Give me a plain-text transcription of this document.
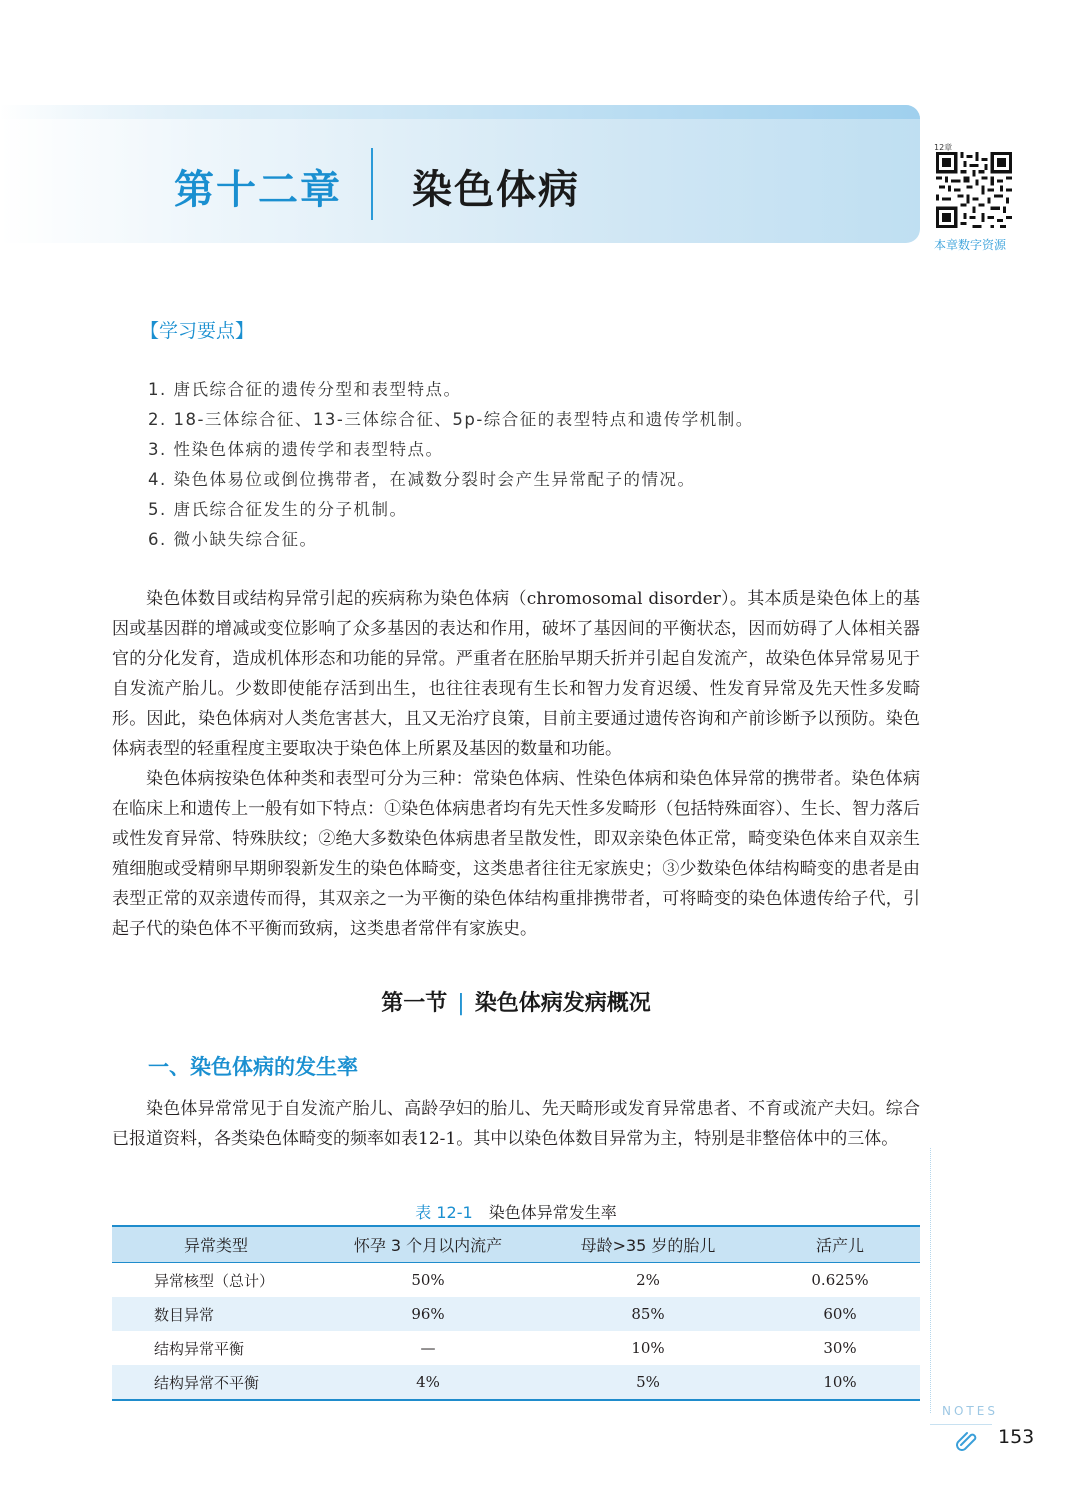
第十二章 染色体病
12章
本章数字资源
【学习要点】
1. 唐氏综合征的遗传分型和表型特点。
2. 18-三体综合征、13-三体综合征、5p-综合征的表型特点和遗传学机制。
3. 性染色体病的遗传学和表型特点。
4. 染色体易位或倒位携带者，在减数分裂时会产生异常配子的情况。
5. 唐氏综合征发生的分子机制。
6. 微小缺失综合征。

染色体数目或结构异常引起的疾病称为染色体病（chromosomal disorder）。其本质是染色体上的基因或基因群的增减或变位影响了众多基因的表达和作用，破坏了基因间的平衡状态，因而妨碍了人体相关器官的分化发育，造成机体形态和功能的异常。严重者在胚胎早期夭折并引起自发流产，故染色体异常易见于自发流产胎儿。少数即使能存活到出生，也往往表现有生长和智力发育迟缓、性发育异常及先天性多发畸形。因此，染色体病对人类危害甚大，且又无治疗良策，目前主要通过遗传咨询和产前诊断予以预防。染色体病表型的轻重程度主要取决于染色体上所累及基因的数量和功能。

染色体病按染色体种类和表型可分为三种：常染色体病、性染色体病和染色体异常的携带者。染色体病在临床上和遗传上一般有如下特点：①染色体病患者均有先天性多发畸形（包括特殊面容）、生长、智力落后或性发育异常、特殊肤纹；②绝大多数染色体病患者呈散发性，即双亲染色体正常，畸变染色体来自双亲生殖细胞或受精卵早期卵裂新发生的染色体畸变，这类患者往往无家族史；③少数染色体结构畸变的患者是由表型正常的双亲遗传而得，其双亲之一为平衡的染色体结构重排携带者，可将畸变的染色体遗传给子代，引起子代的染色体不平衡而致病，这类患者常伴有家族史。

第一节 | 染色体病发病概况
一、染色体病的发生率

染色体异常常见于自发流产胎儿、高龄孕妇的胎儿、先天畸形或发育异常患者、不育或流产夫妇。综合已报道资料，各类染色体畸变的频率如表12-1。其中以染色体数目异常为主，特别是非整倍体中的三体。

表 12-1 染色体异常发生率
异常类型	怀孕 3 个月以内流产	母龄>35 岁的胎儿	活产儿
异常核型（总计）	50%	2%	0.625%
数目异常	96%	85%	60%
结构异常平衡	—	10%	30%
结构异常不平衡	4%	5%	10%
NOTES
153
